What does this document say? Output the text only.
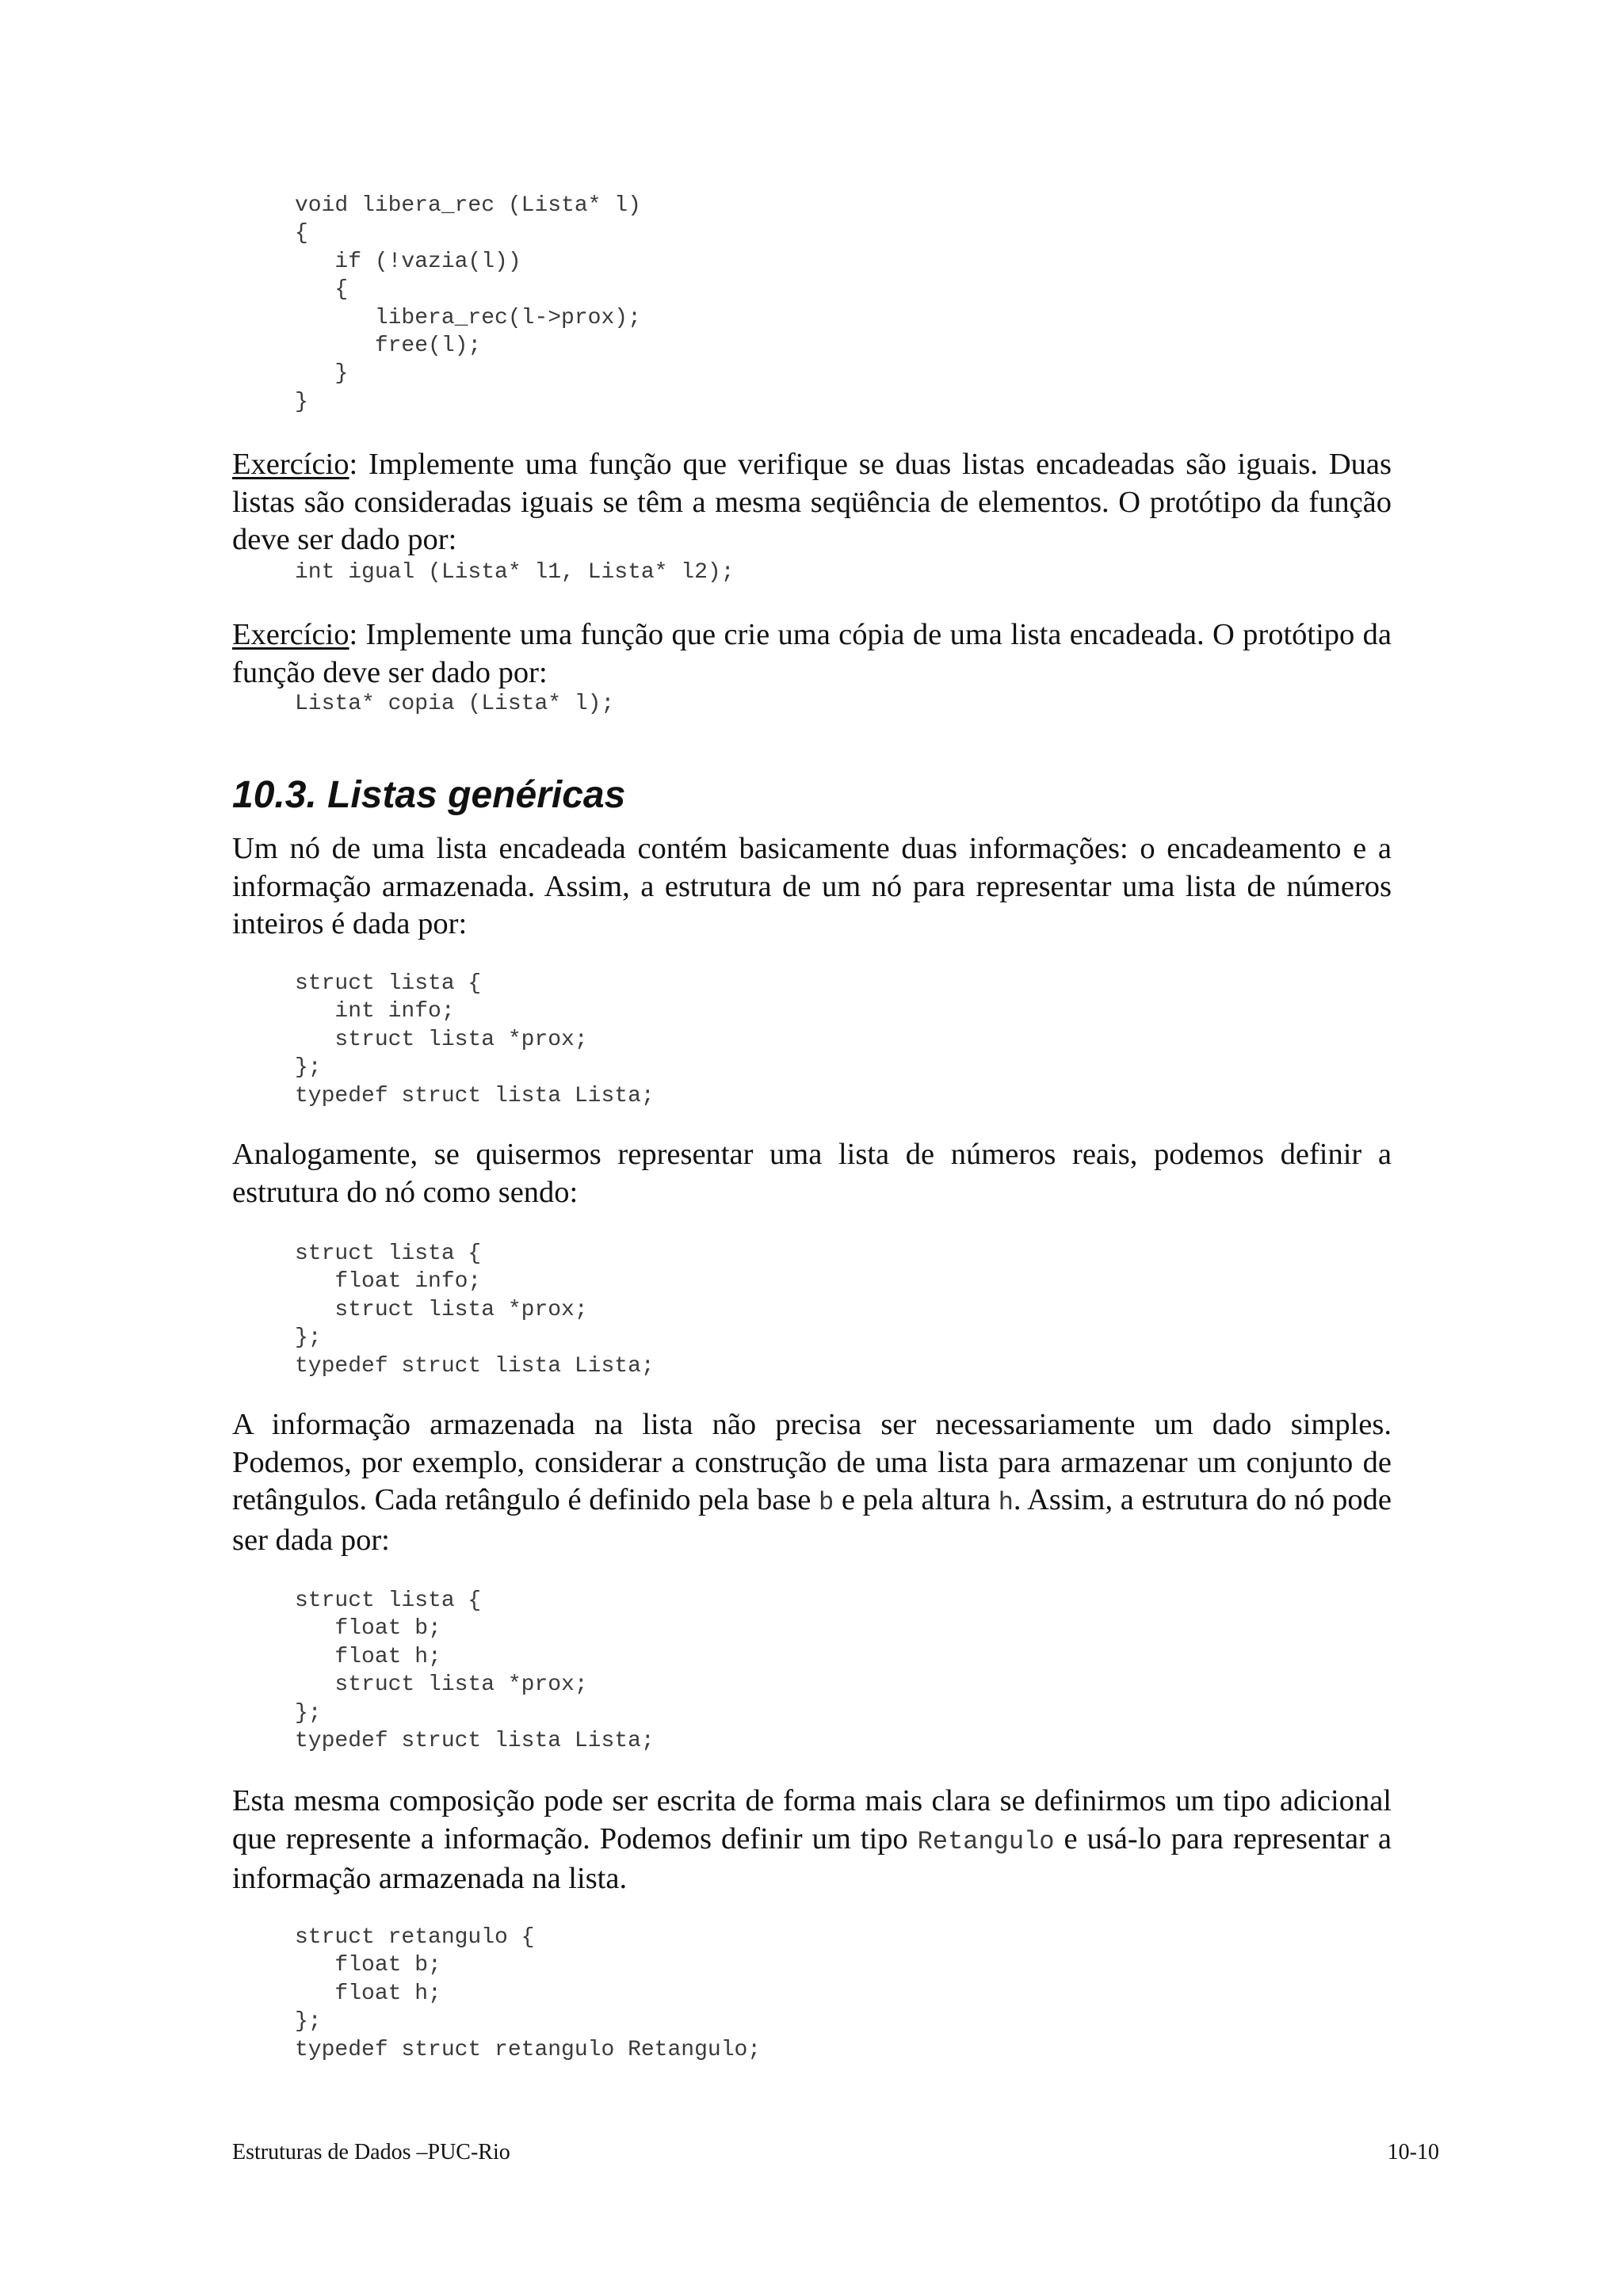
void libera_rec (Lista* l)
{
if (!vazia(l))
{
libera_rec(l->prox);
free(l);
}
}

Exercício: Implemente uma função que verifique se duas listas encadeadas são iguais. Duas listas são consideradas iguais se têm a mesma seqüência de elementos. O protótipo da função deve ser dado por:

int igual (Lista* l1, Lista* l2);

Exercício: Implemente uma função que crie uma cópia de uma lista encadeada. O protótipo da função deve ser dado por:

Lista* copia (Lista* l);
10.3. Listas genéricas

Um nó de uma lista encadeada contém basicamente duas informações: o encadeamento e a informação armazenada. Assim, a estrutura de um nó para representar uma lista de números inteiros é dada por:

struct lista {
int info;
struct lista *prox;
};
typedef struct lista Lista;

Analogamente, se quisermos representar uma lista de números reais, podemos definir a estrutura do nó como sendo:

struct lista {
float info;
struct lista *prox;
};
typedef struct lista Lista;

A informação armazenada na lista não precisa ser necessariamente um dado simples. Podemos, por exemplo, considerar a construção de uma lista para armazenar um conjunto de retângulos. Cada retângulo é definido pela base b e pela altura h. Assim, a estrutura do nó pode ser dada por:

struct lista {
float b;
float h;
struct lista *prox;
};
typedef struct lista Lista;

Esta mesma composição pode ser escrita de forma mais clara se definirmos um tipo adicional que represente a informação. Podemos definir um tipo Retangulo e usá-lo para representar a informação armazenada na lista.

struct retangulo {
float b;
float h;
};
typedef struct retangulo Retangulo;
Estruturas de Dados –PUC-Rio	10-10
